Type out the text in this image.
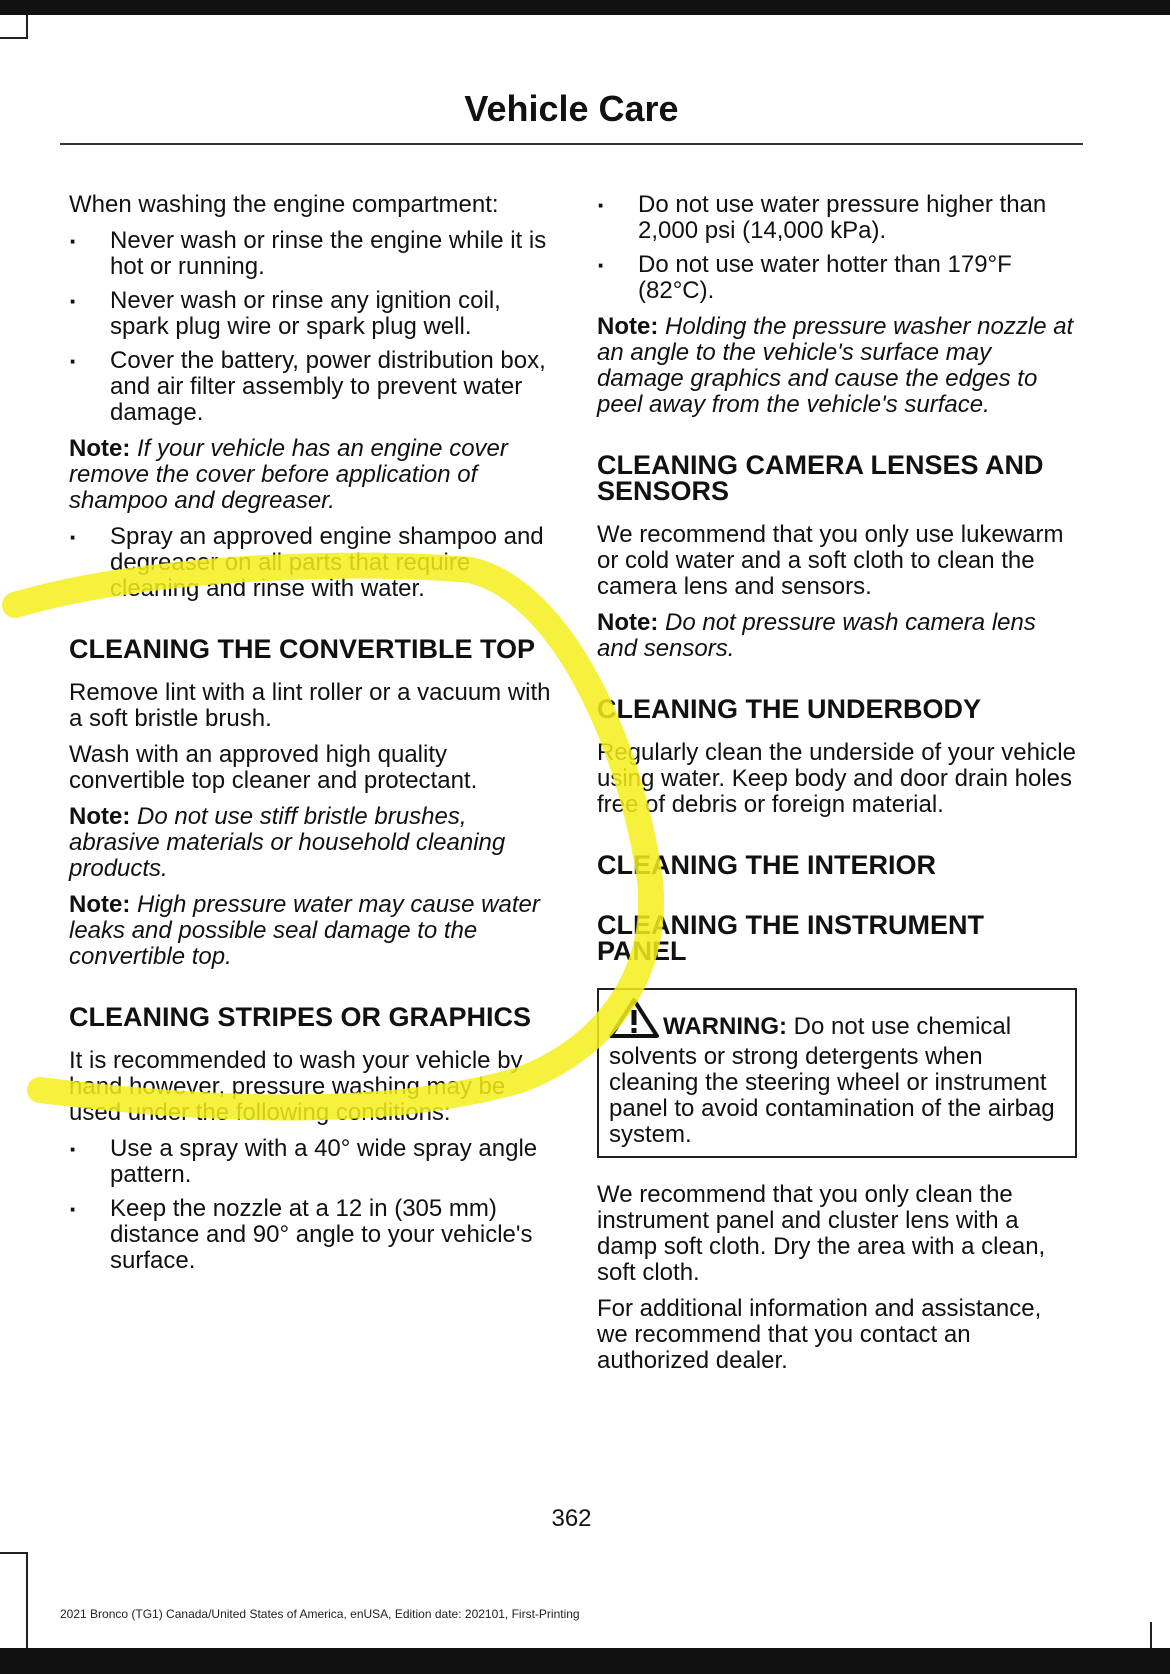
Vehicle Care

When washing the engine compartment:

· Never wash or rinse the engine while it is hot or running.
· Never wash or rinse any ignition coil, spark plug wire or spark plug well.
· Cover the battery, power distribution box, and air filter assembly to prevent water damage.

Note: If your vehicle has an engine cover remove the cover before application of shampoo and degreaser.

· Spray an approved engine shampoo and degreaser on all parts that require cleaning and rinse with water.
CLEANING THE CONVERTIBLE TOP

Remove lint with a lint roller or a vacuum with a soft bristle brush.

Wash with an approved high quality convertible top cleaner and protectant.

Note: Do not use stiff bristle brushes, abrasive materials or household cleaning products.

Note: High pressure water may cause water leaks and possible seal damage to the convertible top.

CLEANING STRIPES OR GRAPHICS

It is recommended to wash your vehicle by hand however, pressure washing may be used under the following conditions:

· Use a spray with a 40° wide spray angle pattern.
· Keep the nozzle at a 12 in (305 mm) distance and 90° angle to your vehicle's surface.
· Do not use water pressure higher than 2,000 psi (14,000 kPa).
· Do not use water hotter than 179°F (82°C).

Note: Holding the pressure washer nozzle at an angle to the vehicle's surface may damage graphics and cause the edges to peel away from the vehicle's surface.

CLEANING CAMERA LENSES AND SENSORS

We recommend that you only use lukewarm or cold water and a soft cloth to clean the camera lens and sensors.

Note: Do not pressure wash camera lens and sensors.

CLEANING THE UNDERBODY

Regularly clean the underside of your vehicle using water. Keep body and door drain holes free of debris or foreign material.

CLEANING THE INTERIOR
CLEANING THE INSTRUMENT PANEL
WARNING: Do not use chemical solvents or strong detergents when cleaning the steering wheel or instrument panel to avoid contamination of the airbag system.

We recommend that you only clean the instrument panel and cluster lens with a damp soft cloth. Dry the area with a clean, soft cloth.

For additional information and assistance, we recommend that you contact an authorized dealer.

362
2021 Bronco (TG1) Canada/United States of America, enUSA, Edition date: 202101, First-Printing
